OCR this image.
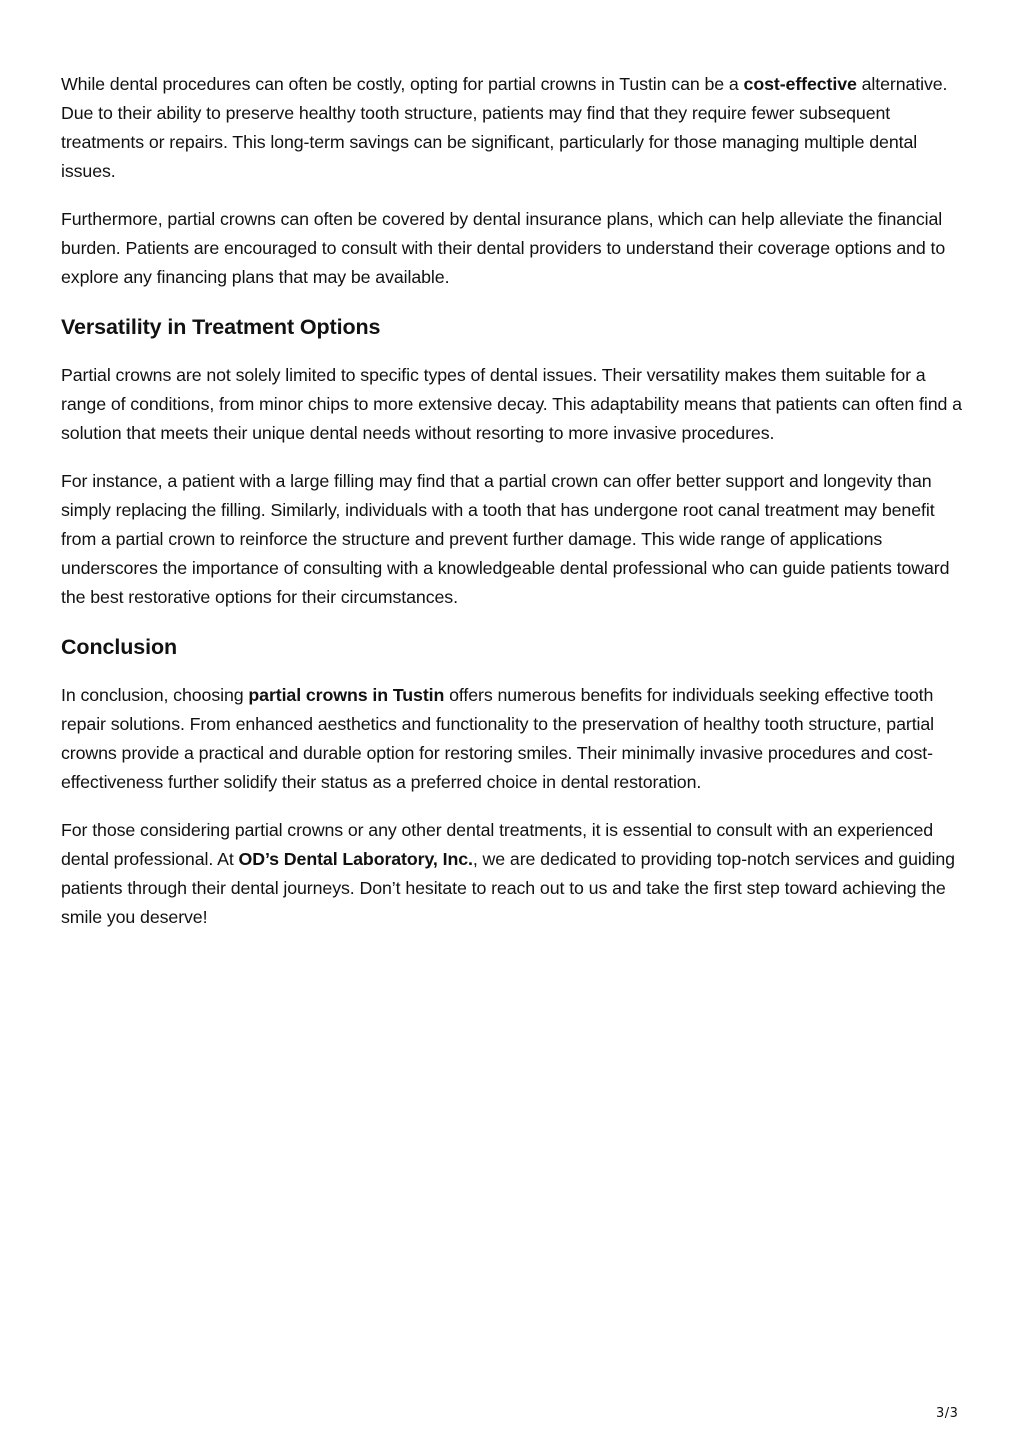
While dental procedures can often be costly, opting for partial crowns in Tustin can be a cost-effective alternative. Due to their ability to preserve healthy tooth structure, patients may find that they require fewer subsequent treatments or repairs. This long-term savings can be significant, particularly for those managing multiple dental issues.

Furthermore, partial crowns can often be covered by dental insurance plans, which can help alleviate the financial burden. Patients are encouraged to consult with their dental providers to understand their coverage options and to explore any financing plans that may be available.

Versatility in Treatment Options

Partial crowns are not solely limited to specific types of dental issues. Their versatility makes them suitable for a range of conditions, from minor chips to more extensive decay. This adaptability means that patients can often find a solution that meets their unique dental needs without resorting to more invasive procedures.

For instance, a patient with a large filling may find that a partial crown can offer better support and longevity than simply replacing the filling. Similarly, individuals with a tooth that has undergone root canal treatment may benefit from a partial crown to reinforce the structure and prevent further damage. This wide range of applications underscores the importance of consulting with a knowledgeable dental professional who can guide patients toward the best restorative options for their circumstances.

Conclusion

In conclusion, choosing partial crowns in Tustin offers numerous benefits for individuals seeking effective tooth repair solutions. From enhanced aesthetics and functionality to the preservation of healthy tooth structure, partial crowns provide a practical and durable option for restoring smiles. Their minimally invasive procedures and cost-effectiveness further solidify their status as a preferred choice in dental restoration.

For those considering partial crowns or any other dental treatments, it is essential to consult with an experienced dental professional. At OD’s Dental Laboratory, Inc., we are dedicated to providing top-notch services and guiding patients through their dental journeys. Don’t hesitate to reach out to us and take the first step toward achieving the smile you deserve!

3/3
